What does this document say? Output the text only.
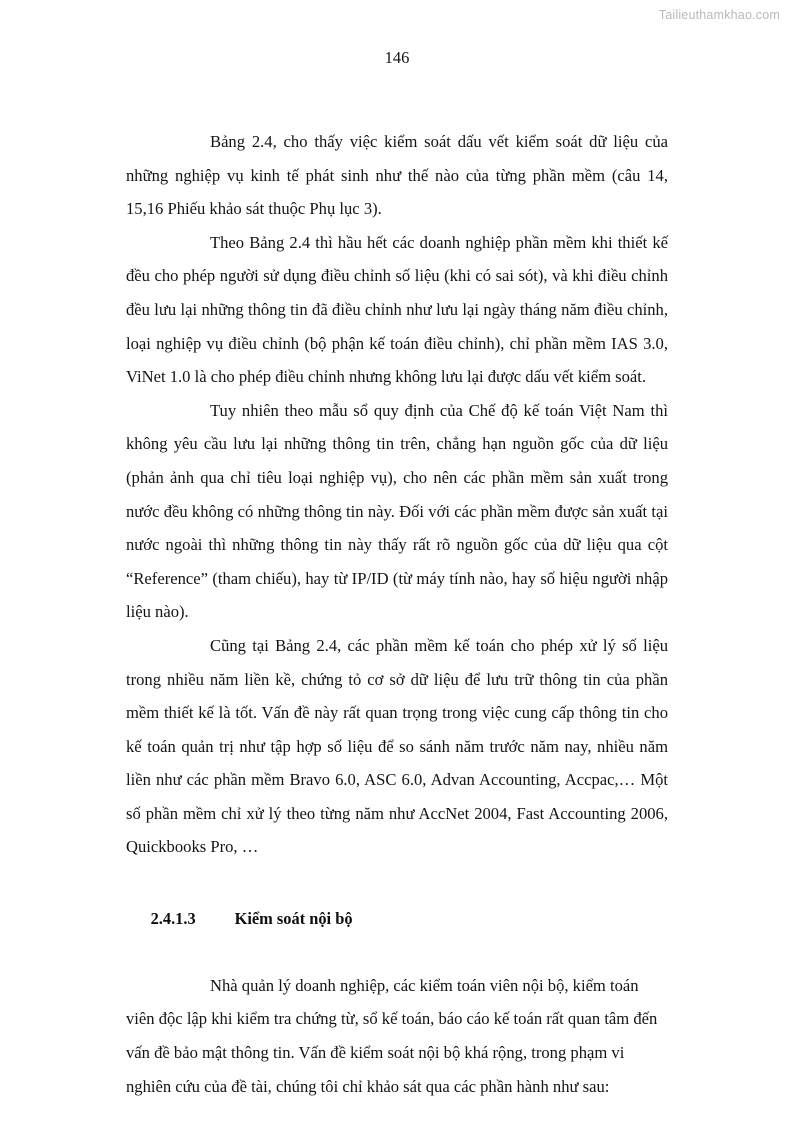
Tailieuthamkhao.com
146

Bảng 2.4, cho thấy việc kiểm soát dấu vết kiểm soát dữ liệu của những nghiệp vụ kinh tế phát sinh như thế nào của từng phần mềm (câu 14, 15,16 Phiếu khảo sát thuộc Phụ lục 3).

Theo Bảng 2.4 thì hầu hết các doanh nghiệp phần mềm khi thiết kế đều cho phép người sử dụng điều chỉnh số liệu (khi có sai sót), và khi điều chỉnh đều lưu lại những thông tin đã điều chỉnh như lưu lại ngày tháng năm điều chỉnh, loại nghiệp vụ điều chỉnh (bộ phận kế toán điều chỉnh), chỉ phần mềm IAS 3.0, ViNet 1.0 là cho phép điều chỉnh nhưng không lưu lại được dấu vết kiểm soát.

Tuy nhiên theo mẫu sổ quy định của Chế độ kế toán Việt Nam thì không yêu cầu lưu lại những thông tin trên, chẳng hạn nguồn gốc của dữ liệu (phản ảnh qua chỉ tiêu loại nghiệp vụ), cho nên các phần mềm sản xuất trong nước đều không có những thông tin này. Đối với các phần mềm được sản xuất tại nước ngoài thì những thông tin này thấy rất rõ nguồn gốc của dữ liệu qua cột “Reference” (tham chiếu), hay từ IP/ID (từ máy tính nào, hay số hiệu người nhập liệu nào).

Cũng tại Bảng 2.4, các phần mềm kế toán cho phép xử lý số liệu trong nhiều năm liền kề, chứng tỏ cơ sở dữ liệu để lưu trữ thông tin của phần mềm thiết kế là tốt. Vấn đề này rất quan trọng trong việc cung cấp thông tin cho kế toán quản trị như tập hợp số liệu để so sánh năm trước năm nay, nhiều năm liền như các phần mềm Bravo 6.0, ASC 6.0, Advan Accounting, Accpac,… Một số phần mềm chỉ xử lý theo từng năm như AccNet 2004, Fast Accounting 2006, Quickbooks Pro, …

2.4.1.3 Kiểm soát nội bộ

Nhà quản lý doanh nghiệp, các kiểm toán viên nội bộ, kiểm toán viên độc lập khi kiểm tra chứng từ, sổ kế toán, báo cáo kế toán rất quan tâm đến vấn đề bảo mật thông tin. Vấn đề kiểm soát nội bộ khá rộng, trong phạm vi nghiên cứu của đề tài, chúng tôi chỉ khảo sát qua các phần hành như sau:
